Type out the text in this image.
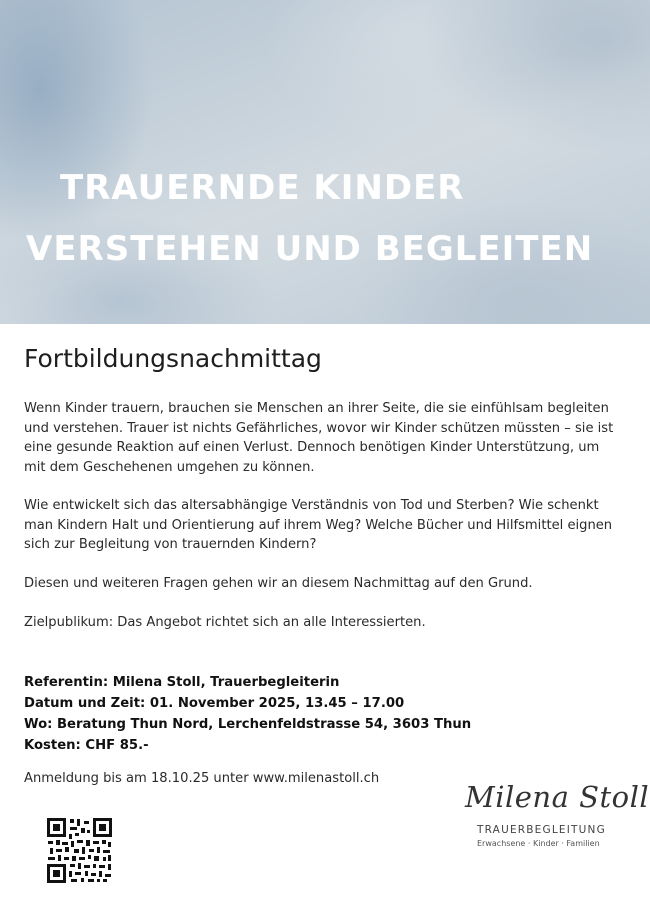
TRAUERNDE KINDER
VERSTEHEN UND BEGLEITEN
Fortbildungsnachmittag

Wenn Kinder trauern, brauchen sie Menschen an ihrer Seite, die sie einfühlsam begleiten und verstehen. Trauer ist nichts Gefährliches, wovor wir Kinder schützen müssten – sie ist eine gesunde Reaktion auf einen Verlust. Dennoch benötigen Kinder Unterstützung, um mit dem Geschehenen umgehen zu können.

Wie entwickelt sich das altersabhängige Verständnis von Tod und Sterben? Wie schenkt man Kindern Halt und Orientierung auf ihrem Weg? Welche Bücher und Hilfsmittel eignen sich zur Begleitung von trauernden Kindern?

Diesen und weiteren Fragen gehen wir an diesem Nachmittag auf den Grund.

Zielpublikum: Das Angebot richtet sich an alle Interessierten.

Referentin: Milena Stoll, Trauerbegleiterin
Datum und Zeit: 01. November 2025, 13.45 – 17.00
Wo: Beratung Thun Nord, Lerchenfeldstrasse 54, 3603 Thun
Kosten: CHF 85.-
Anmeldung bis am 18.10.25 unter www.milenastoll.ch
Milena Stoll
TRAUERBEGLEITUNG
Erwachsene · Kinder · Familien
